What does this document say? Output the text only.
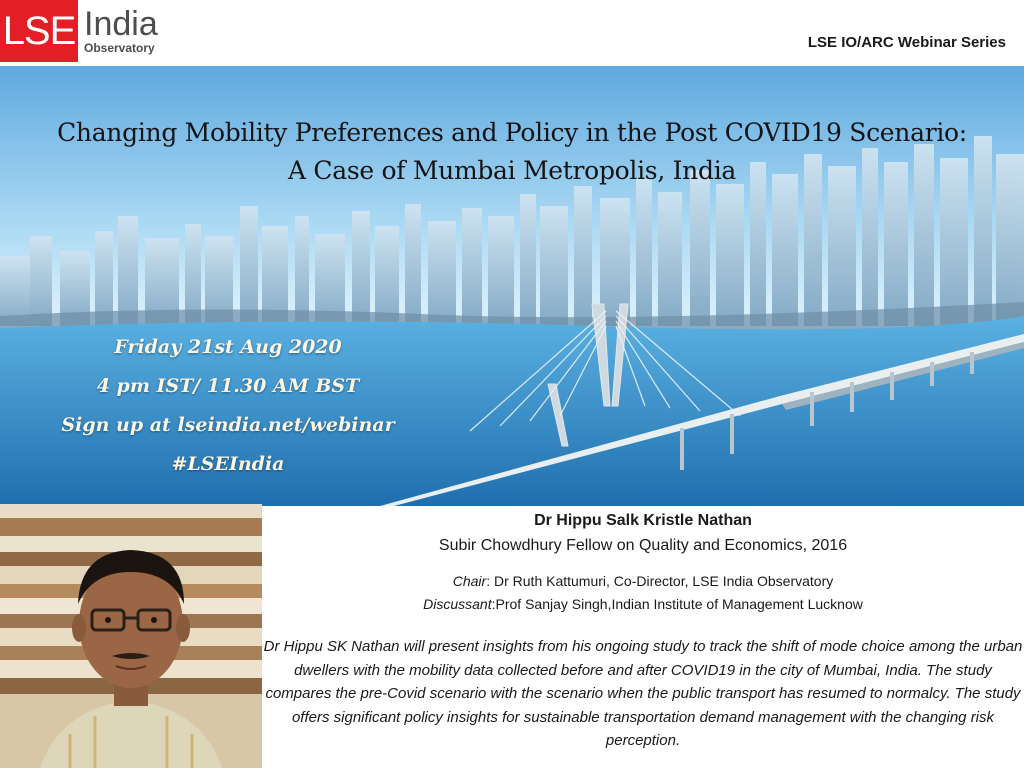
LSE India
Observatory	LSE IO/ARC Webinar Series
Changing Mobility Preferences and Policy in the Post COVID19 Scenario:
A Case of Mumbai Metropolis, India
Friday 21st Aug 2020
4 pm IST/ 11.30 AM BST
Sign up at lseindia.net/webinar
#LSEIndia
Dr Hippu Salk Kristle Nathan
Subir Chowdhury Fellow on Quality and Economics, 2016
Chair: Dr Ruth Kattumuri, Co-Director, LSE India Observatory
Discussant:Prof Sanjay Singh,Indian Institute of Management Lucknow
Dr Hippu SK Nathan will present insights from his ongoing study to track the shift of mode choice among the urban dwellers with the mobility data collected before and after COVID19 in the city of Mumbai, India. The study compares the pre-Covid scenario with the scenario when the public transport has resumed to normalcy. The study offers significant policy insights for sustainable transportation demand management with the changing risk perception.
